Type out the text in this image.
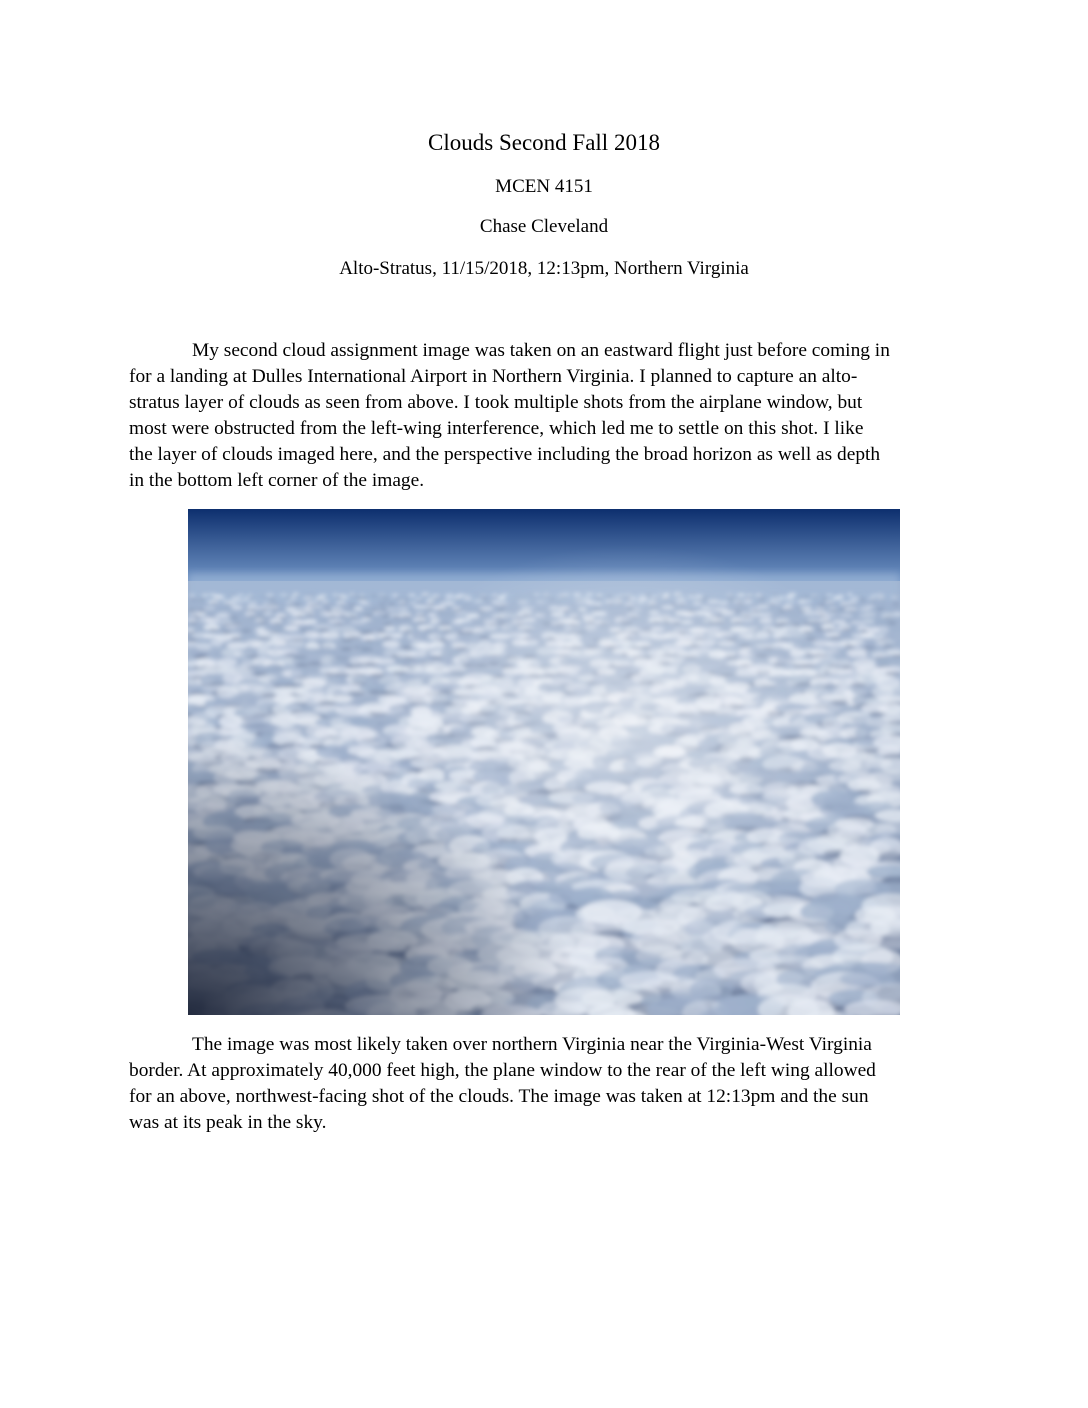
Clouds Second Fall 2018
MCEN 4151
Chase Cleveland
Alto-Stratus, 11/15/2018, 12:13pm, Northern Virginia
My second cloud assignment image was taken on an eastward flight just before coming in
for a landing at Dulles International Airport in Northern Virginia. I planned to capture an alto-
stratus layer of clouds as seen from above. I took multiple shots from the airplane window, but
most were obstructed from the left-wing interference, which led me to settle on this shot. I like
the layer of clouds imaged here, and the perspective including the broad horizon as well as depth
in the bottom left corner of the image.
The image was most likely taken over northern Virginia near the Virginia-West Virginia
border. At approximately 40,000 feet high, the plane window to the rear of the left wing allowed
for an above, northwest-facing shot of the clouds. The image was taken at 12:13pm and the sun
was at its peak in the sky.
